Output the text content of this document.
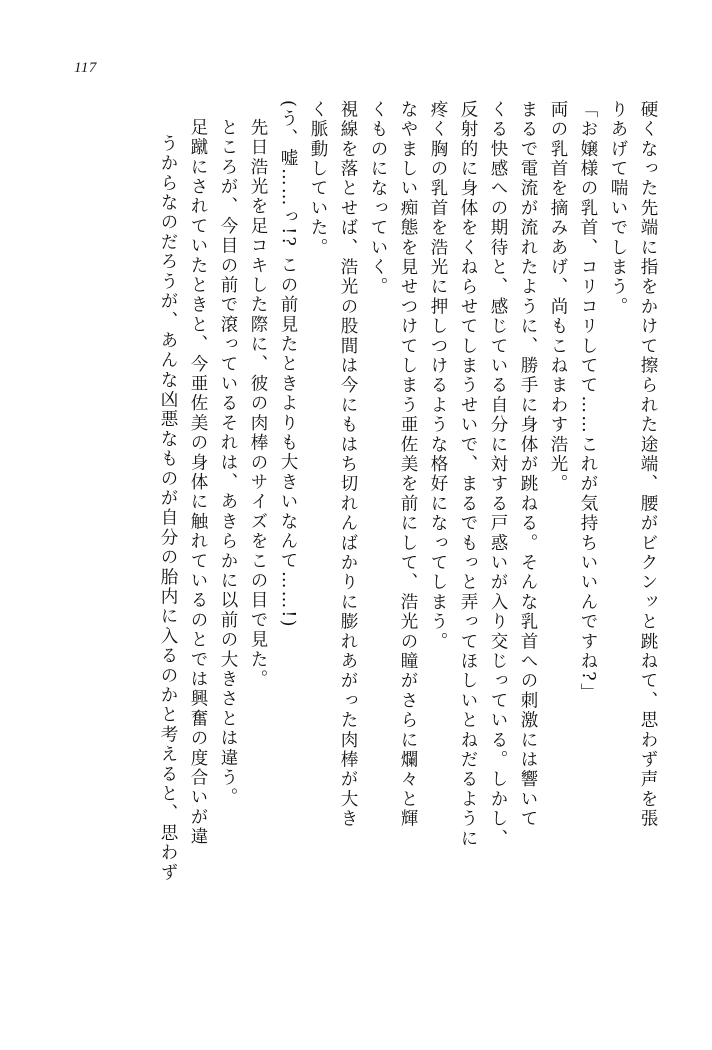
117
硬くなった先端に指をかけて擦られた途端、腰がビクンッと跳ねて、思わず声を張
りあげて喘いでしまう。
「お嬢様の乳首、コリコリしてて……これが気持ちいいんですね?」
両の乳首を摘みあげ、尚もこねまわす浩光。
まるで電流が流れたように、勝手に身体が跳ねる。そんな乳首への刺激には響いて
くる快感への期待と、感じている自分に対する戸惑いが入り交じっている。しかし、
反射的に身体をくねらせてしまうせいで、まるでもっと弄ってほしいとねだるように
疼く胸の乳首を浩光に押しつけるような格好になってしまう。
なやましい痴態を見せつけてしまう亜佐美を前にして、浩光の瞳がさらに爛々と輝
くものになっていく。
視線を落とせば、浩光の股間は今にもはち切れんばかりに膨れあがった肉棒が大き
く脈動していた。
(う、嘘……っ!? この前見たときよりも大きいなんて……!)
先日浩光を足コキした際に、彼の肉棒のサイズをこの目で見た。
ところが、今目の前で滾っているそれは、あきらかに以前の大きさとは違う。
足蹴にされていたときと、今亜佐美の身体に触れているのとでは興奮の度合いが違
うからなのだろうが、あんな凶悪なものが自分の胎内に入るのかと考えると、思わず
